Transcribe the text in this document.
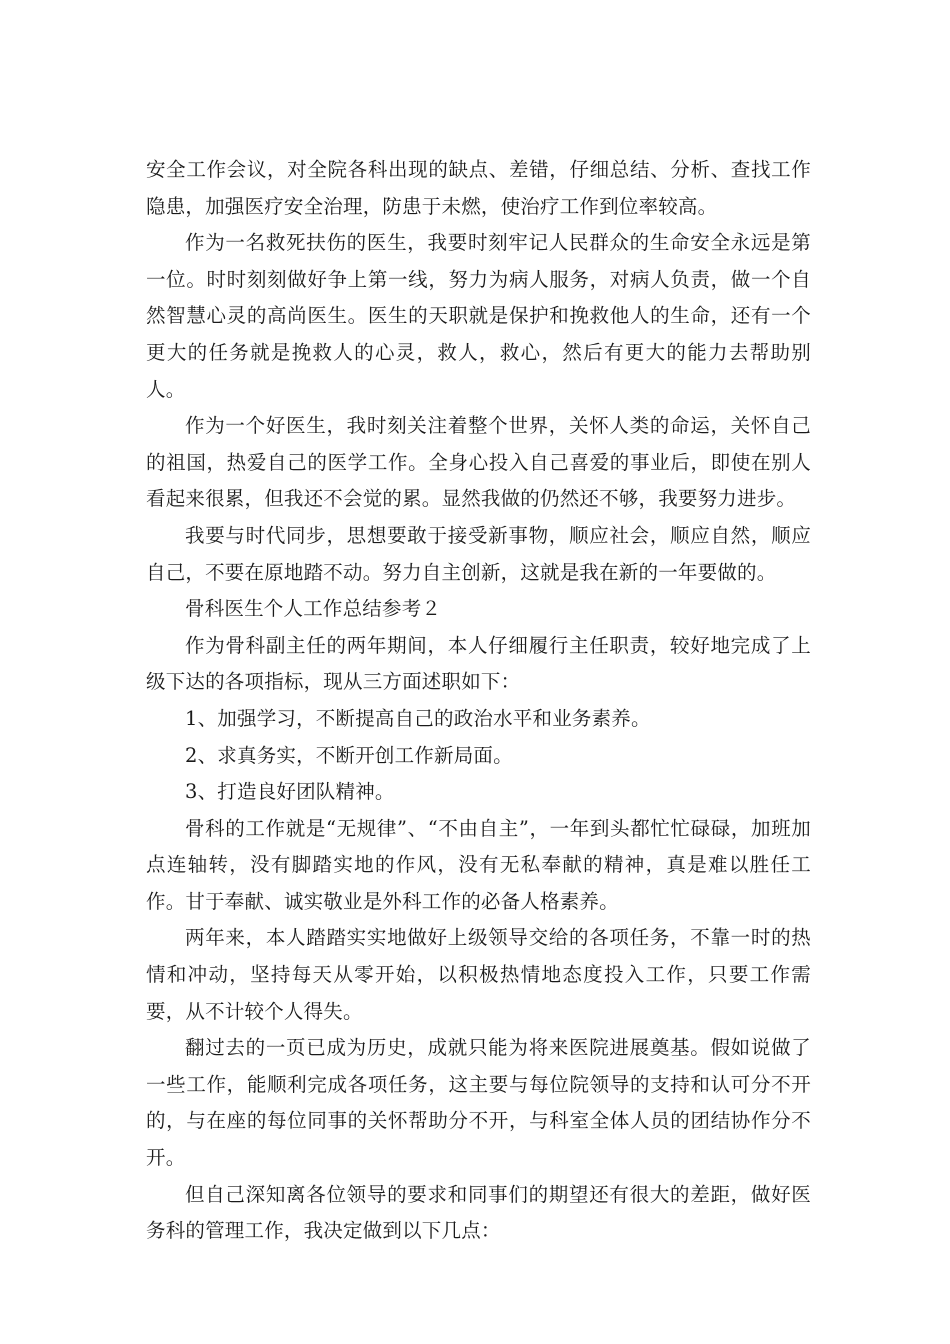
安全工作会议，对全院各科出现的缺点、差错，仔细总结、分析、查找工作隐患，加强医疗安全治理，防患于未燃，使治疗工作到位率较高。

作为一名救死扶伤的医生，我要时刻牢记人民群众的生命安全永远是第一位。时时刻刻做好争上第一线，努力为病人服务，对病人负责，做一个自然智慧心灵的高尚医生。医生的天职就是保护和挽救他人的生命，还有一个更大的任务就是挽救人的心灵，救人，救心，然后有更大的能力去帮助别人。

作为一个好医生，我时刻关注着整个世界，关怀人类的命运，关怀自己的祖国，热爱自己的医学工作。全身心投入自己喜爱的事业后，即使在别人看起来很累，但我还不会觉的累。显然我做的仍然还不够，我要努力进步。

我要与时代同步，思想要敢于接受新事物，顺应社会，顺应自然，顺应自己，不要在原地踏不动。努力自主创新，这就是我在新的一年要做的。

骨科医生个人工作总结参考２

作为骨科副主任的两年期间，本人仔细履行主任职责，较好地完成了上级下达的各项指标，现从三方面述职如下：

1、加强学习，不断提高自己的政治水平和业务素养。

2、求真务实，不断开创工作新局面。

3、打造良好团队精神。

骨科的工作就是“无规律”、“不由自主”，一年到头都忙忙碌碌，加班加点连轴转，没有脚踏实地的作风，没有无私奉献的精神，真是难以胜任工作。甘于奉献、诚实敬业是外科工作的必备人格素养。

两年来，本人踏踏实实地做好上级领导交给的各项任务，不靠一时的热情和冲动，坚持每天从零开始，以积极热情地态度投入工作，只要工作需要，从不计较个人得失。

翻过去的一页已成为历史，成就只能为将来医院进展奠基。假如说做了一些工作，能顺利完成各项任务，这主要与每位院领导的支持和认可分不开的，与在座的每位同事的关怀帮助分不开，与科室全体人员的团结协作分不开。

但自己深知离各位领导的要求和同事们的期望还有很大的差距，做好医务科的管理工作，我决定做到以下几点：
